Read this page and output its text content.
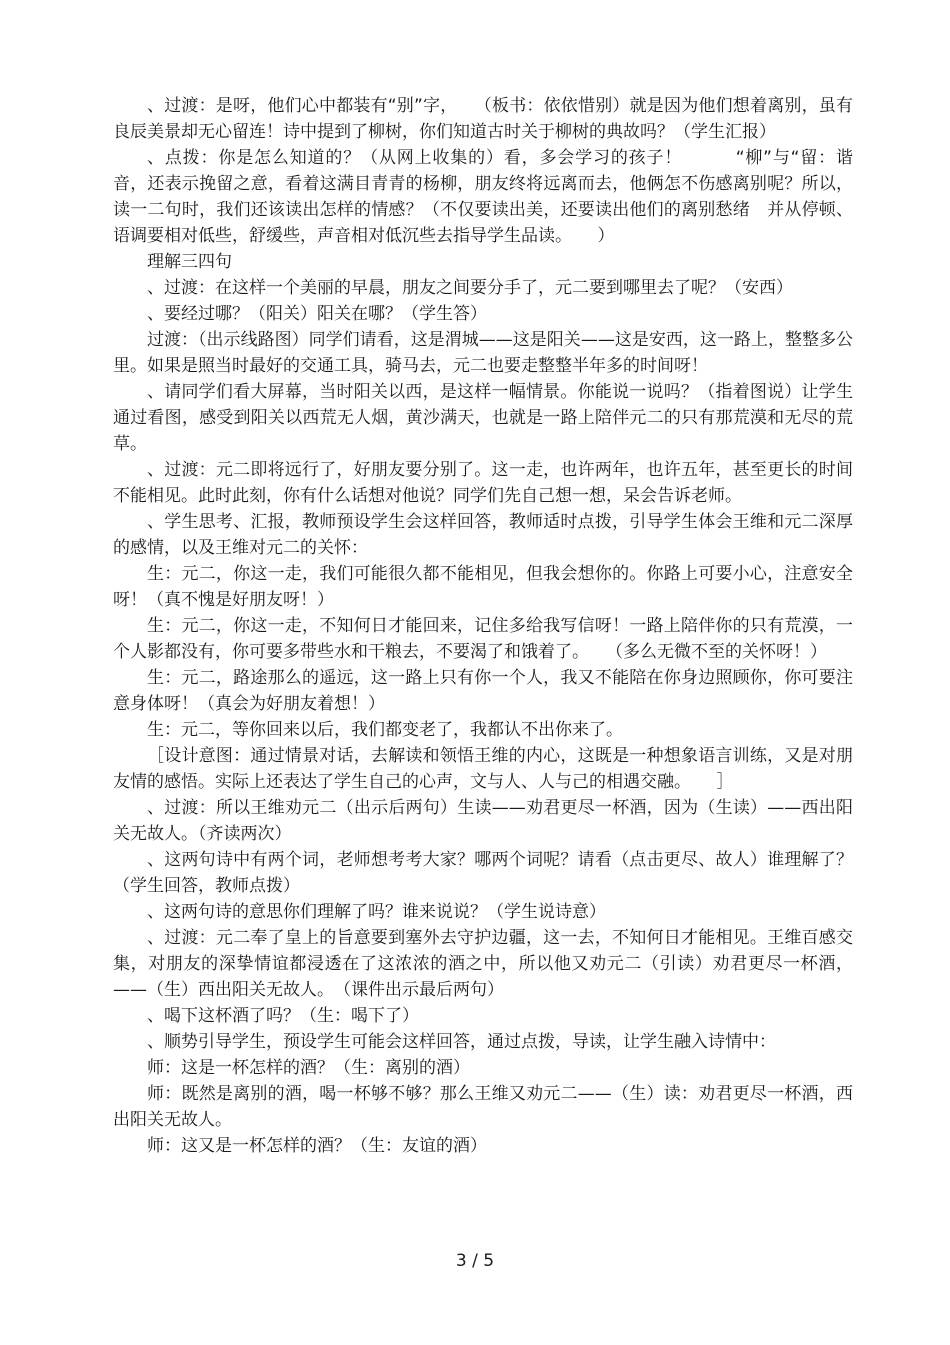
、过渡：是呀，他们心中都装有“别”字，　　（板书：依依惜别）就是因为他们想着离别，虽有良辰美景却无心留连！诗中提到了柳树，你们知道古时关于柳树的典故吗？（学生汇报）

、点拨：你是怎么知道的？（从网上收集的）看，多会学习的孩子！　　　“柳”与“留：谐音，还表示挽留之意，看着这满目青青的杨柳，朋友终将远离而去，他俩怎不伤感离别呢？所以，读一二句时，我们还该读出怎样的情感？（不仅要读出美，还要读出他们的离别愁绪　并从停顿、语调要相对低些，舒缓些，声音相对低沉些去指导学生品读。　　）

理解三四句

、过渡：在这样一个美丽的早晨，朋友之间要分手了，元二要到哪里去了呢？（安西）

、要经过哪？（阳关）阳关在哪？（学生答）

过渡：（出示线路图）同学们请看，这是渭城——这是阳关——这是安西，这一路上，整整多公里。如果是照当时最好的交通工具，骑马去，元二也要走整整半年多的时间呀！

、请同学们看大屏幕，当时阳关以西，是这样一幅情景。你能说一说吗？（指着图说）让学生通过看图，感受到阳关以西荒无人烟，黄沙满天，也就是一路上陪伴元二的只有那荒漠和无尽的荒草。

、过渡：元二即将远行了，好朋友要分别了。这一走，也许两年，也许五年，甚至更长的时间不能相见。此时此刻，你有什么话想对他说？同学们先自己想一想，呆会告诉老师。

、学生思考、汇报，教师预设学生会这样回答，教师适时点拨，引导学生体会王维和元二深厚的感情，以及王维对元二的关怀：

生：元二，你这一走，我们可能很久都不能相见，但我会想你的。你路上可要小心，注意安全呀！（真不愧是好朋友呀！）

生：元二，你这一走，不知何日才能回来，记住多给我写信呀！一路上陪伴你的只有荒漠，一个人影都没有，你可要多带些水和干粮去，不要渴了和饿着了。　　（多么无微不至的关怀呀！）

生：元二，路途那么的遥远，这一路上只有你一个人，我又不能陪在你身边照顾你，你可要注意身体呀！（真会为好朋友着想！）

生：元二，等你回来以后，我们都变老了，我都认不出你来了。

［设计意图：通过情景对话，去解读和领悟王维的内心，这既是一种想象语言训练，又是对朋友情的感悟。实际上还表达了学生自己的心声，文与人、人与己的相遇交融。　　］

、过渡：所以王维劝元二（出示后两句）生读——劝君更尽一杯酒，因为（生读）——西出阳关无故人。（齐读两次）

、这两句诗中有两个词，老师想考考大家？哪两个词呢？请看（点击更尽、故人）谁理解了？（学生回答，教师点拨）

、这两句诗的意思你们理解了吗？谁来说说？（学生说诗意）

、过渡：元二奉了皇上的旨意要到塞外去守护边疆，这一去，不知何日才能相见。王维百感交集，对朋友的深挚情谊都浸透在了这浓浓的酒之中，所以他又劝元二（引读）劝君更尽一杯酒，——（生）西出阳关无故人。　（课件出示最后两句）

、喝下这杯酒了吗？（生：喝下了）

、顺势引导学生，预设学生可能会这样回答，通过点拨，导读，让学生融入诗情中：

师：这是一杯怎样的酒？（生：离别的酒）

师：既然是离别的酒，喝一杯够不够？那么王维又劝元二——（生）读：劝君更尽一杯酒，西出阳关无故人。

师：这又是一杯怎样的酒？（生：友谊的酒）

3 / 5
